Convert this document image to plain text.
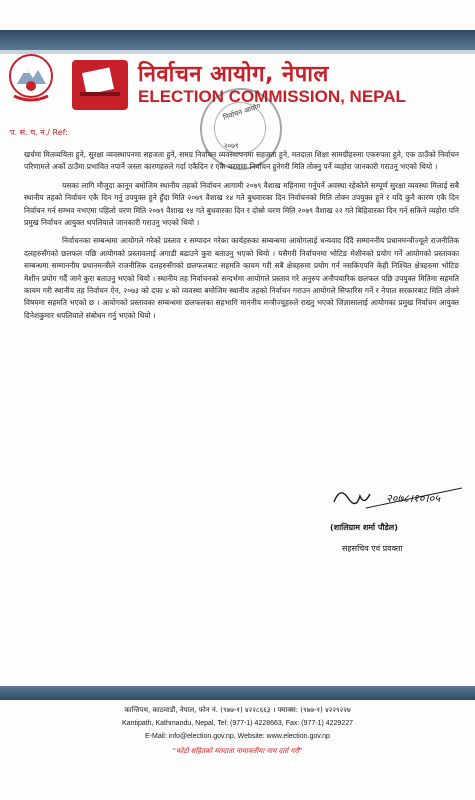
निर्वाचन आयोग, नेपाल
ELECTION COMMISSION, NEPAL
प. सं. च. नं./ Ref:
निर्वाचन आयोग
२०७९

खर्चमा मितव्ययिता हुने, सुरक्षा व्यवस्थापनमा सहजता हुने, समग्र निर्वाचन व्यवस्थापनमा सहजता हुने, मतदाता शिक्षा सामग्रीहरुमा एकरुपता हुने, एक ठाउँको निर्वाचन परिणामले अर्को ठाउँमा प्रभावित नपार्ने जस्ता कारणहरुले गर्दा एकैदिन र एकै चरणमा निर्वाचन हुनेगरी मिति तोक्नु पर्ने व्यहोरा जानकारी गराउनु भएको थियो ।

यसका लागि मौजुदा कानून बमोजिम स्थानीय तहको निर्वाचन आगामी २०७९ वैशाख महिनामा गर्नुपर्ने अवस्था रहेकोले सम्पूर्ण सुरक्षा व्यवस्था मिलाई सबै स्थानीय तहको निर्वाचन एकै दिन गर्नु उपयुक्त हुने हुँदा मिति २०७९ वैशाख १४ गते बुधवारका दिन निर्वाचनको मिति तोक्न उपयुक्त हुने र यदि कुनै कारण एकै दिन निर्वाचन गर्न सम्भव नभएमा पहिलो चरण मिति २०७९ वैशाख १४ गते बुधवारका दिन र दोस्रो चरण मिति २०७९ वैशाख २२ गते बिहिवारका दिन गर्न सकिने व्यहोरा पनि प्रमुख निर्वाचन आयुक्त थपलियाले जानकारी गराउनु भएको थियो ।

निर्वाचनका सम्बन्धमा आयोगले गरेको प्रस्ताव र सम्पादन गरेका कार्यहरुका सम्बन्धमा आयोगलाई धन्यवाद दिँदै सम्माननीय प्रधानमन्त्रीज्यूले राजनीतिक दलहरुसँगको छलफल पछि आयोगको प्रस्तावलाई अगाडी बढाउने कुरा बताउनु भएको थियो । यसैगरी निर्वाचनमा भोटिङ मेशीनको प्रयोग गर्ने आयोगको प्रस्तावका सम्बन्धमा सम्माननीय प्रधानमन्त्रीले राजनीतिक दलहरुसँगको छलफलबाट सहमति कायम गरी सबै क्षेत्रहरुमा प्रयोग गर्न नसकिएपनि केही निश्चित क्षेत्रहरुमा भोटिङ मेशीन प्रयोग गर्दै जाने कुरा बताउनु भएको थियो । स्थानीय तह निर्वाचनको सन्दर्भमा आयोगले प्रस्ताव गरे अनुरुप अनौपचारिक छलफल पछि उपयुक्त मितिमा सहमति कायम गरी स्थानीय तह निर्वाचन ऐन, २०७३ को दफा ४ को व्यवस्था बमोजिम स्थानीय तहको निर्वाचन गराउन आयोगले सिफारिस गर्ने र नेपाल सरकारबाट मिति तोक्ने विषयमा सहमति भएको छ । आयोगको प्रस्तावका सम्बन्धमा छलफलका सहभागि माननीय मन्त्रीज्यूहरुले राख्नु भएको जिज्ञासालाई आयोगका प्रमुख निर्वाचन आयुक्त दिनेशकुमार थपलियाले संबोधन गर्नु भएको थियो ।

२०७८।१०।०५
(शालिग्राम शर्मा पौडेल)
सहसचिव एवं प्रवक्ता
कान्तिपथ, काठमाडौं, नेपाल, फोन नं. (९७७-१) ४२२८६६३ । फ्याक्स: (९७७-१) ४२२९२२७
Kantipath, Kathmandu, Nepal, Tel: (977-1) 4228663, Fax: (977-1) 4229227
E-Mail: info@election.gov.np, Website: www.election.gov.np
"फोटो सहितको मतदाता नामावलीमा नाम दर्ता गरौं"
